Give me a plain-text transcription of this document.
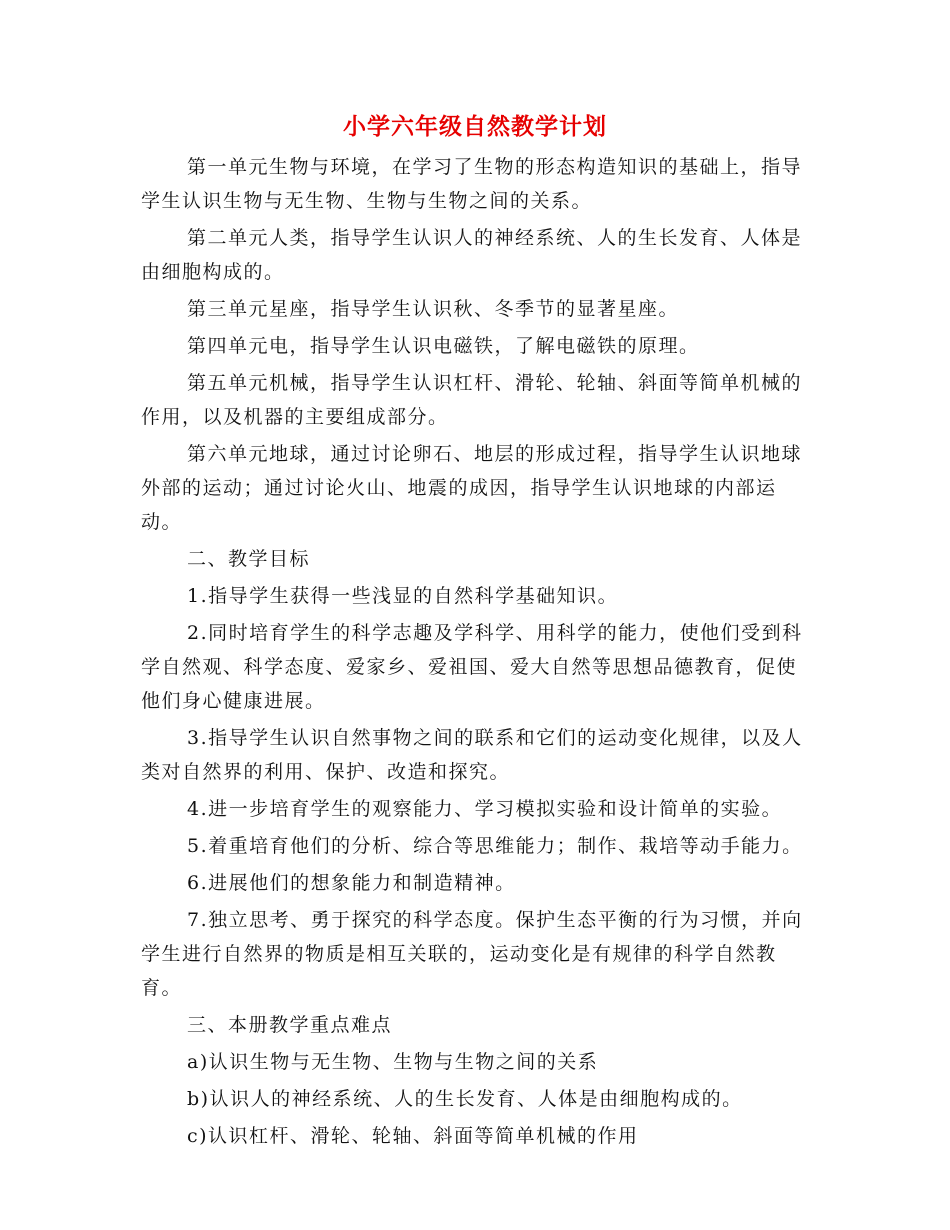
小学六年级自然教学计划

第一单元生物与环境，在学习了生物的形态构造知识的基础上，指导学生认识生物与无生物、生物与生物之间的关系。

第二单元人类，指导学生认识人的神经系统、人的生长发育、人体是由细胞构成的。

第三单元星座，指导学生认识秋、冬季节的显著星座。

第四单元电，指导学生认识电磁铁，了解电磁铁的原理。

第五单元机械，指导学生认识杠杆、滑轮、轮轴、斜面等简单机械的作用，以及机器的主要组成部分。

第六单元地球，通过讨论卵石、地层的形成过程，指导学生认识地球外部的运动；通过讨论火山、地震的成因，指导学生认识地球的内部运动。

二、教学目标

1.指导学生获得一些浅显的自然科学基础知识。

2.同时培育学生的科学志趣及学科学、用科学的能力，使他们受到科学自然观、科学态度、爱家乡、爱祖国、爱大自然等思想品德教育，促使他们身心健康进展。

3.指导学生认识自然事物之间的联系和它们的运动变化规律，以及人类对自然界的利用、保护、改造和探究。

4.进一步培育学生的观察能力、学习模拟实验和设计简单的实验。

5.着重培育他们的分析、综合等思维能力；制作、栽培等动手能力。

6.进展他们的想象能力和制造精神。

7.独立思考、勇于探究的科学态度。保护生态平衡的行为习惯，并向学生进行自然界的物质是相互关联的，运动变化是有规律的科学自然教育。

三、本册教学重点难点

a)认识生物与无生物、生物与生物之间的关系

b)认识人的神经系统、人的生长发育、人体是由细胞构成的。

c)认识杠杆、滑轮、轮轴、斜面等简单机械的作用
